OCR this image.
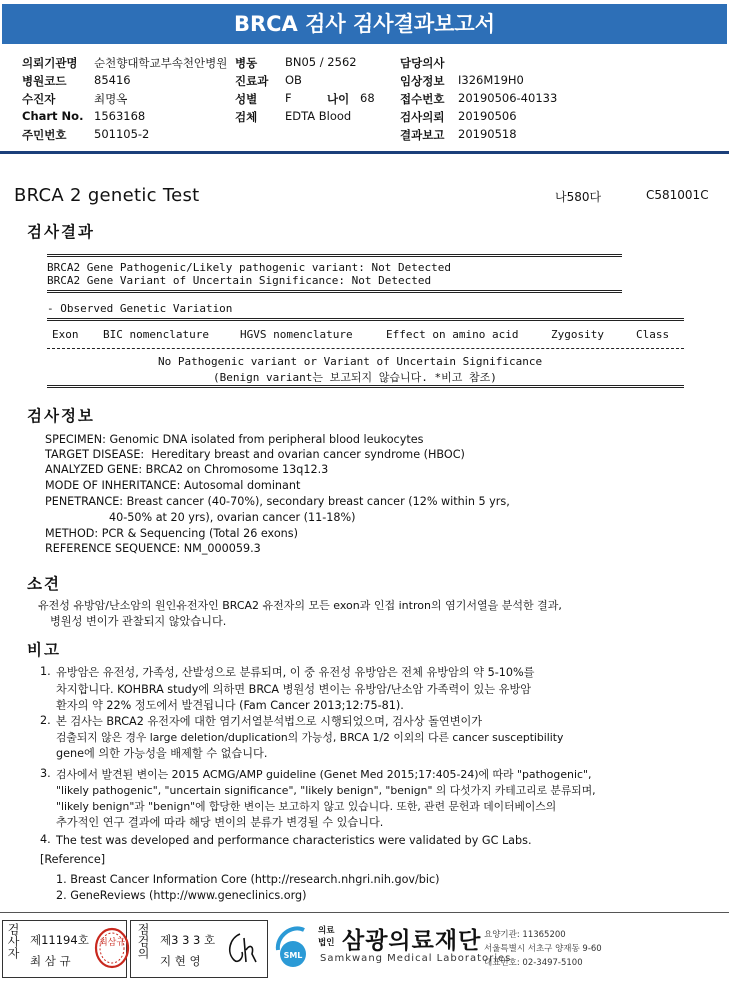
BRCA 검사 검사결과보고서
의뢰기관명 순천향대학교부속천안병원 병동 BN05 / 2562	담당의사
병원코드 85416	진료과 OB	임상정보 I326M19H0
수진자	최명옥	성별 F	나이 68 접수번호 20190506-40133
Chart No. 1563168	검체 EDTA Blood	검사의뢰 20190506
주민번호 501105-2	결과보고 20190518
BRCA 2 genetic Test	나580다	C581001C
검사결과
BRCA2 Gene Pathogenic/Likely pathogenic variant: Not Detected
BRCA2 Gene Variant of Uncertain Significance: Not Detected
- Observed Genetic Variation
Exon BIC nomenclature	HGVS nomenclature	Effect on amino acid	Zygosity	Class
No Pathogenic variant or Variant of Uncertain Significance
(Benign variant는 보고되지 않습니다. *비고 참조)
검사정보
SPECIMEN: Genomic DNA isolated from peripheral blood leukocytes
TARGET DISEASE:  Hereditary breast and ovarian cancer syndrome (HBOC)
ANALYZED GENE: BRCA2 on Chromosome 13q12.3
MODE OF INHERITANCE: Autosomal dominant
PENETRANCE: Breast cancer (40-70%), secondary breast cancer (12% within 5 yrs,
40-50% at 20 yrs), ovarian cancer (11-18%)
METHOD: PCR & Sequencing (Total 26 exons)
REFERENCE SEQUENCE: NM_000059.3
소견
유전성 유방암/난소암의 원인유전자인 BRCA2 유전자의 모든 exon과 인접 intron의 염기서열을 분석한 결과,
병원성 변이가 관찰되지 않았습니다.
비고
1. 유방암은 유전성, 가족성, 산발성으로 분류되며, 이 중 유전성 유방암은 전체 유방암의 약 5-10%를
차지합니다. KOHBRA study에 의하면 BRCA 병원성 변이는 유방암/난소암 가족력이 있는 유방암
환자의 약 22% 정도에서 발견됩니다 (Fam Cancer 2013;12:75-81).
2. 본 검사는 BRCA2 유전자에 대한 염기서열분석법으로 시행되었으며, 검사상 돌연변이가
검출되지 않은 경우 large deletion/duplication의 가능성, BRCA 1/2 이외의 다른 cancer susceptibility
gene에 의한 가능성을 배제할 수 없습니다.
3. 검사에서 발견된 변이는 2015 ACMG/AMP guideline (Genet Med 2015;17:405-24)에 따라 "pathogenic",
"likely pathogenic", "uncertain significance", "likely benign", "benign" 의 다섯가지 카테고리로 분류되며,
"likely benign"과 "benign"에 합당한 변이는 보고하지 않고 있습니다. 또한, 관련 문헌과 데이터베이스의
추가적인 연구 결과에 따라 해당 변이의 분류가 변경될 수 있습니다.
4. The test was developed and performance characteristics were validated by GC Labs.
[Reference]
1. Breast Cancer Information Core (http://research.nhgri.nih.gov/bic)
2. GeneReviews (http://www.geneclinics.org)
검사자 제11194호
최 삼 규
최삼규 점검의 제3 3 3 호
지 현 영	SML
의료
법인 삼광의료재단
Samkwang Medical Laboratories
요양기관: 11365200
서울특별시 서초구 양재동 9-60
대표번호: 02-3497-5100
